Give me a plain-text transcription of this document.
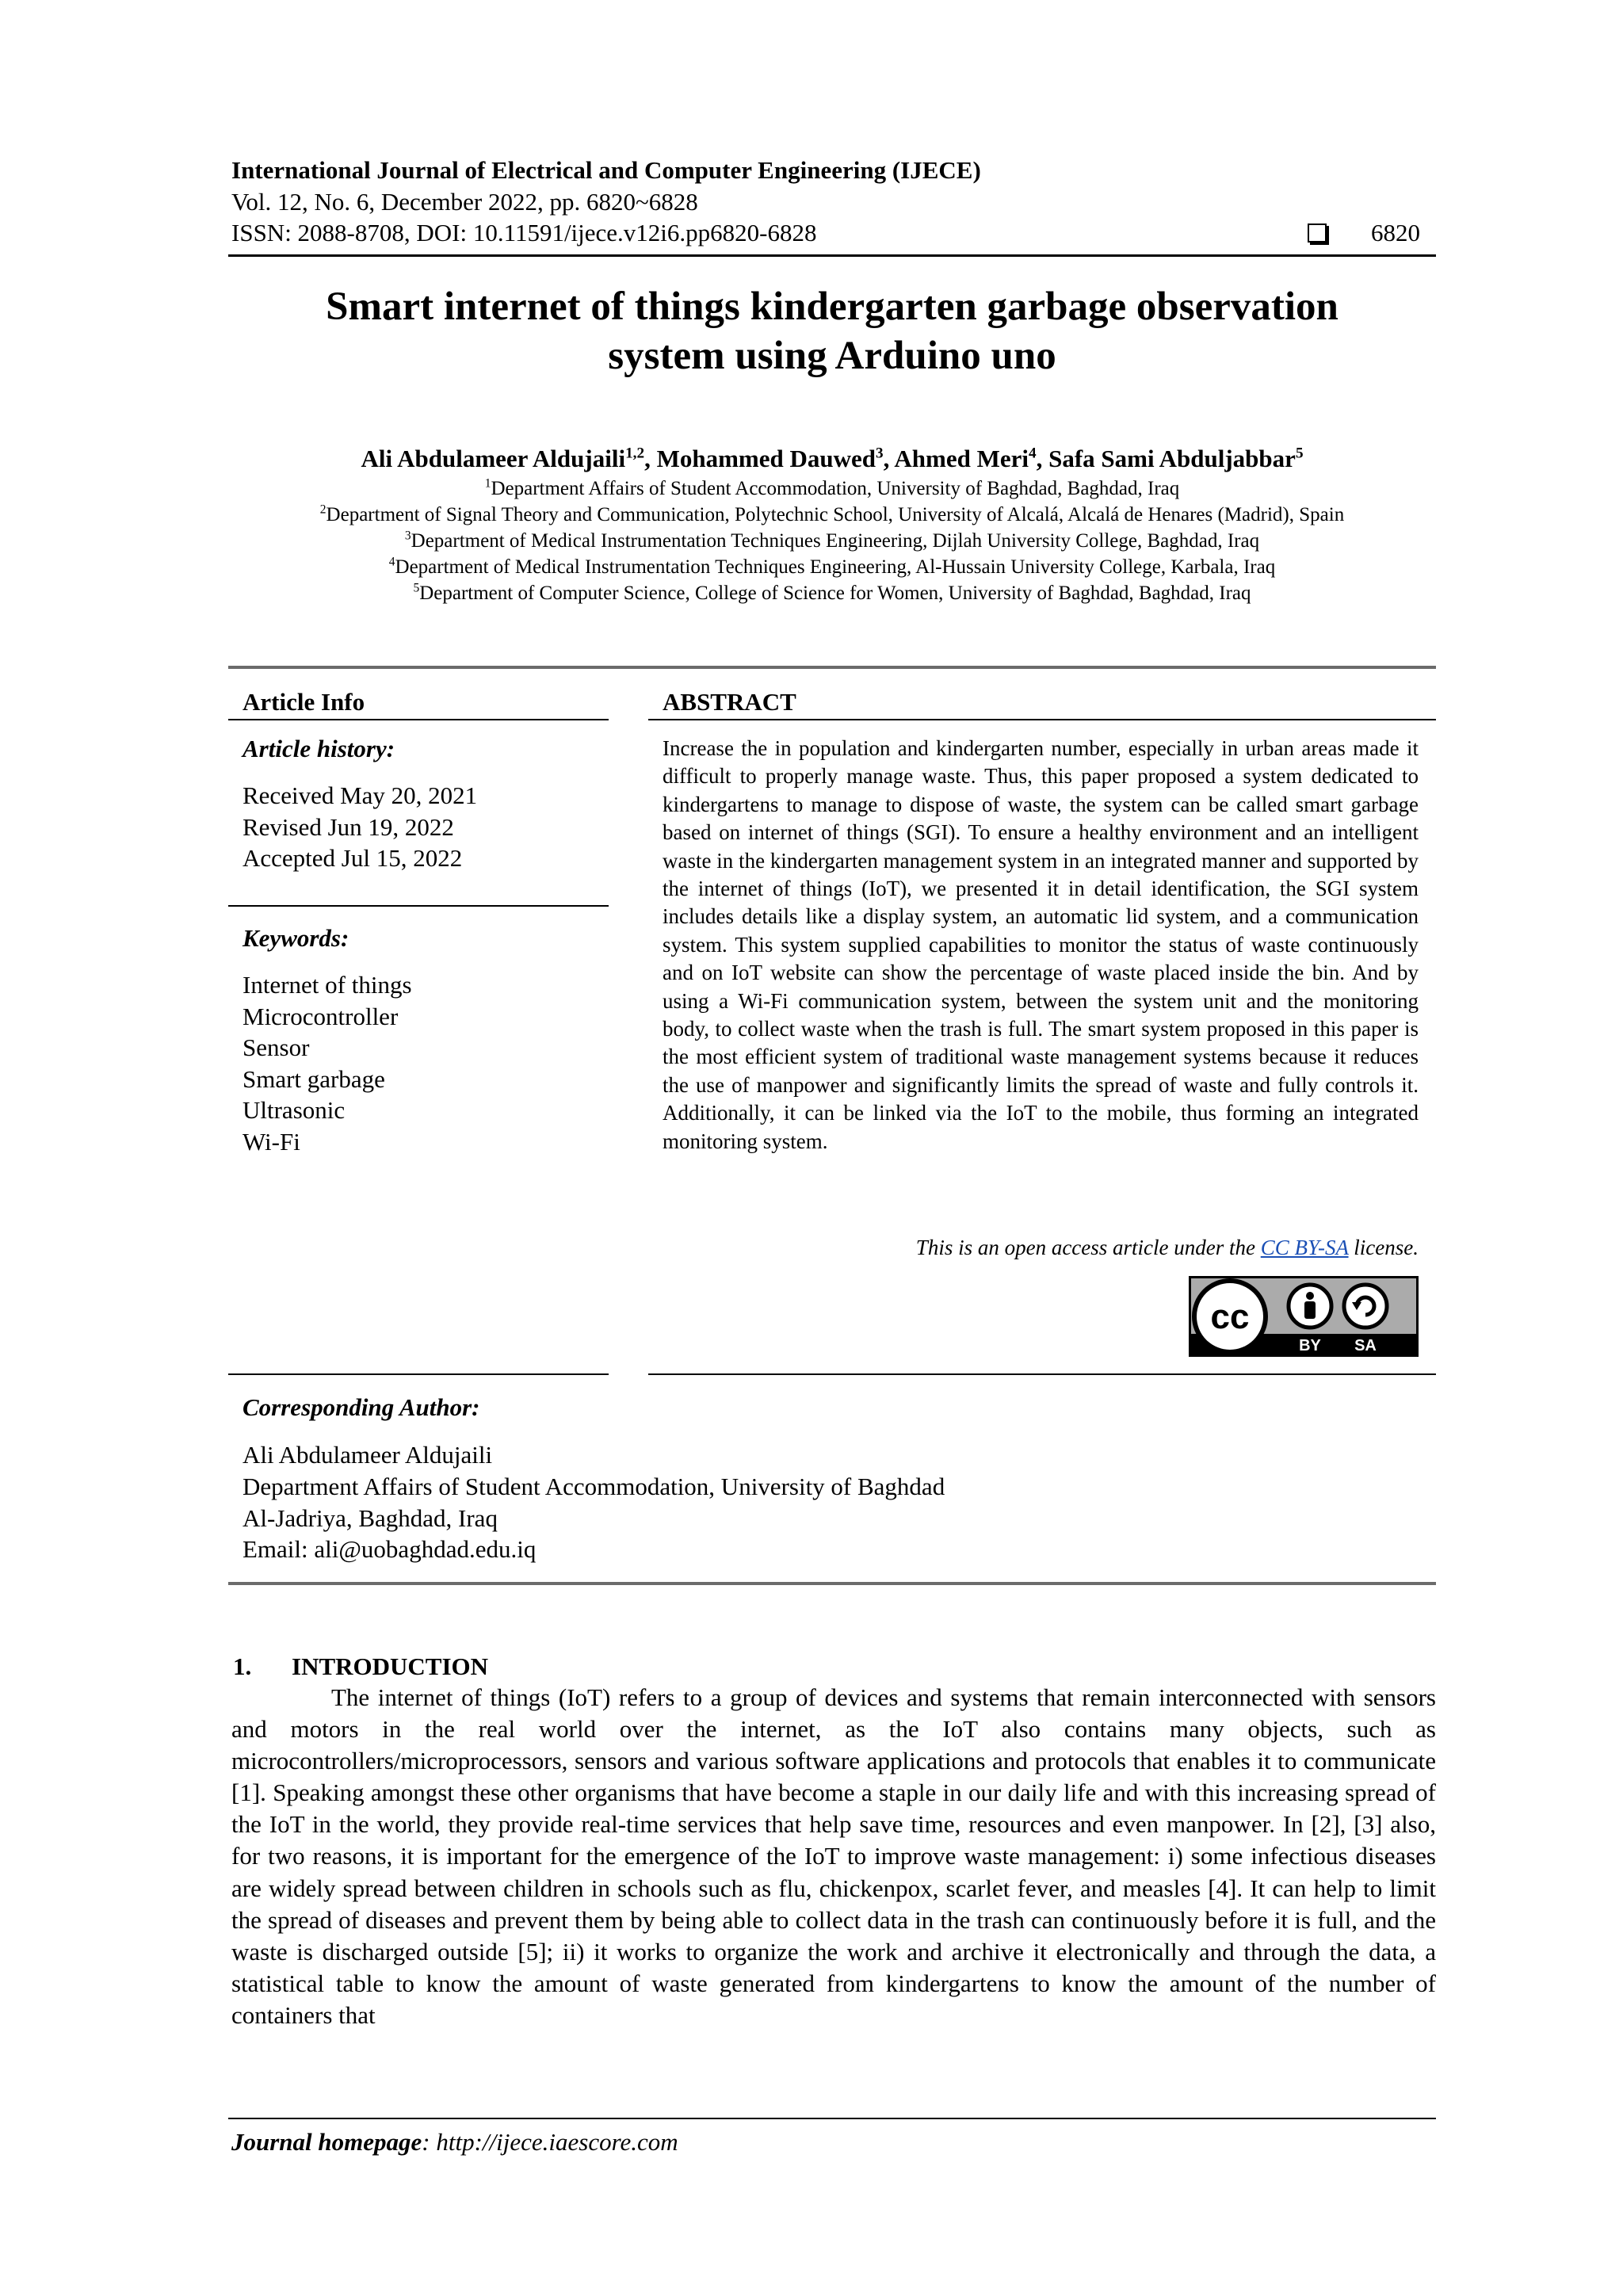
International Journal of Electrical and Computer Engineering (IJECE)
Vol. 12, No. 6, December 2022, pp. 6820~6828
ISSN: 2088-8708, DOI: 10.11591/ijece.v12i6.pp6820-6828	6820
Smart internet of things kindergarten garbage observation
system using Arduino uno
Ali Abdulameer Aldujaili$^{1,2}$, Mohammed Dauwed$^3$, Ahmed Meri$^4$, Safa Sami Abduljabbar$^5$
$^1$Department Affairs of Student Accommodation, University of Baghdad, Baghdad, Iraq
$^2$Department of Signal Theory and Communication, Polytechnic School, University of Alcalá, Alcalá de Henares (Madrid), Spain
$^3$Department of Medical Instrumentation Techniques Engineering, Dijlah University College, Baghdad, Iraq
$^4$Department of Medical Instrumentation Techniques Engineering, Al-Hussain University College, Karbala, Iraq
$^5$Department of Computer Science, College of Science for Women, University of Baghdad, Baghdad, Iraq
Article Info	ABSTRACT
Article history:
Received May 20, 2021
Revised Jun 19, 2022
Accepted Jul 15, 2022
Keywords:
Internet of things
Microcontroller
Sensor
Smart garbage
Ultrasonic
Wi-Fi
Increase the in population and kindergarten number, especially in urban areas made it difficult to properly manage waste. Thus, this paper proposed a system dedicated to kindergartens to manage to dispose of waste, the system can be called smart garbage based on internet of things (SGI). To ensure a healthy environment and an intelligent waste in the kindergarten management system in an integrated manner and supported by the internet of things (IoT), we presented it in detail identification, the SGI system includes details like a display system, an automatic lid system, and a communication system. This system supplied capabilities to monitor the status of waste continuously and on IoT website can show the percentage of waste placed inside the bin. And by using a Wi-Fi communication system, between the system unit and the monitoring body, to collect waste when the trash is full. The smart system proposed in this paper is the most efficient system of traditional waste management systems because it reduces the use of manpower and significantly limits the spread of waste and fully controls it. Additionally, it can be linked via the IoT to the mobile, thus forming an integrated monitoring system.
This is an open access article under the CC BY-SA license.
cc
BY SA
Corresponding Author:
Ali Abdulameer Aldujaili
Department Affairs of Student Accommodation, University of Baghdad
Al-Jadriya, Baghdad, Iraq
Email: ali@uobaghdad.edu.iq
1. INTRODUCTION
The internet of things (IoT) refers to a group of devices and systems that remain interconnected with sensors and motors in the real world over the internet, as the IoT also contains many objects, such as microcontrollers/microprocessors, sensors and various software applications and protocols that enables it to communicate [1]. Speaking amongst these other organisms that have become a staple in our daily life and with this increasing spread of the IoT in the world, they provide real-time services that help save time, resources and even manpower. In [2], [3] also, for two reasons, it is important for the emergence of the IoT to improve waste management: i) some infectious diseases are widely spread between children in schools such as flu, chickenpox, scarlet fever, and measles [4]. It can help to limit the spread of diseases and prevent them by being able to collect data in the trash can continuously before it is full, and the waste is discharged outside [5]; ii) it works to organize the work and archive it electronically and through the data, a statistical table to know the amount of waste generated from kindergartens to know the amount of the number of containers that
Journal homepage: http://ijece.iaescore.com
